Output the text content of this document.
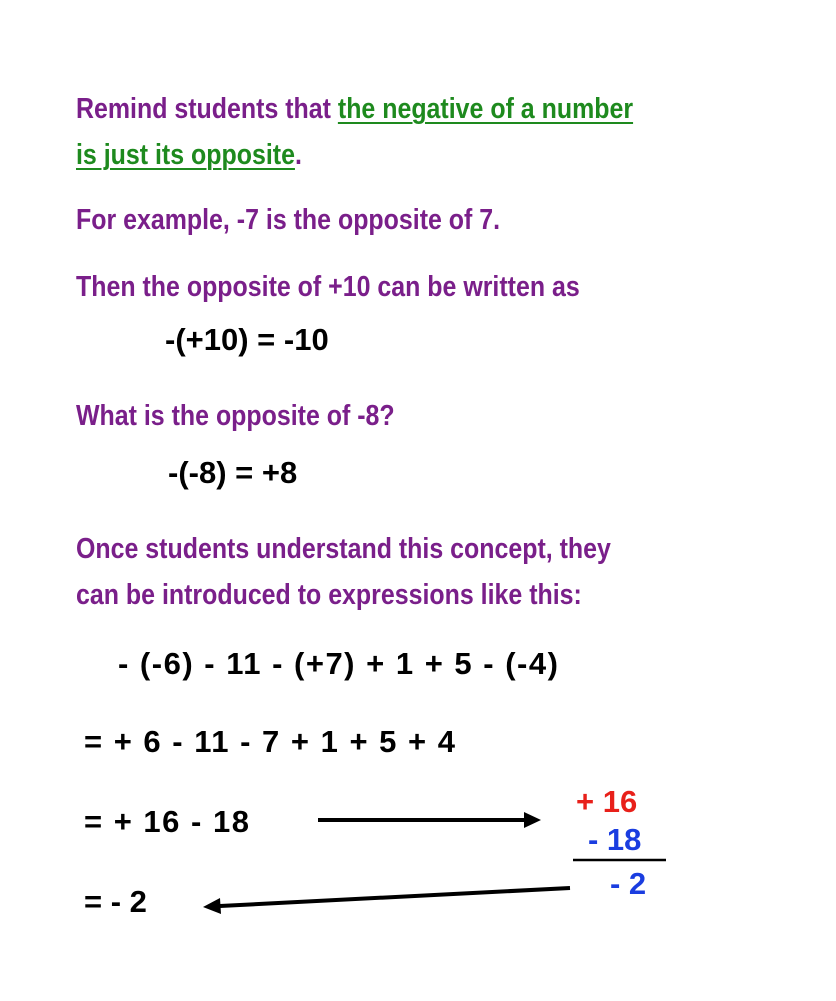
Remind students that the negative of a number
is just its opposite.
For example, -7 is the opposite of 7.
Then the opposite of +10 can be written as
-(+10) = -10
What is the opposite of -8?
-(-8) = +8
Once students understand this concept, they
can be introduced to expressions like this:
- (-6) - 11 - (+7) + 1 + 5 - (-4)
= + 6 - 11 - 7 + 1 + 5 + 4
= + 16 - 18
= - 2
+ 16
- 18
- 2
